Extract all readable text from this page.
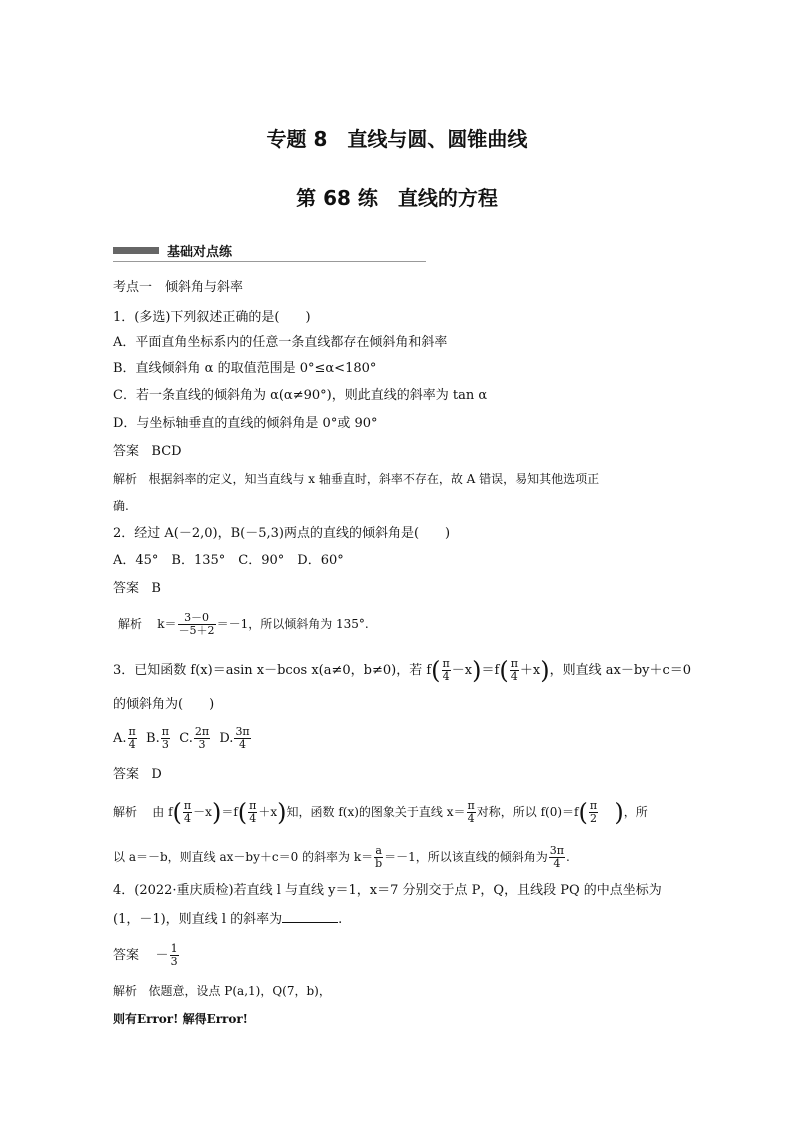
专题 8　直线与圆、圆锥曲线
第 68 练　直线的方程
基础对点练
考点一　倾斜角与斜率
1．(多选)下列叙述正确的是(　　)
A．平面直角坐标系内的任意一条直线都存在倾斜角和斜率
B．直线倾斜角 α 的取值范围是 0°≤α<180°
C．若一条直线的倾斜角为 α(α≠90°)，则此直线的斜率为 tan α
D．与坐标轴垂直的直线的倾斜角是 0°或 90°
答案 BCD
解析 根据斜率的定义，知当直线与 x 轴垂直时，斜率不存在，故 A 错误，易知其他选项正
确.
2．经过 A(－2,0)，B(－5,3)两点的直线的倾斜角是(　　)
A．45°　B．135°　C．90°　D．60°
答案 B
解析 $k= \frac{3-0}{-5+2} =-1$，所以倾斜角为 135°.
3．已知函数 f(x)＝asin x－bcos x(a≠0，b≠0)，若 $f( \frac{\pi}{4} -x)=f( \frac{\pi}{4} +x)$，则直线 ax－by＋c＝0
的倾斜角为(　　)
A. $\frac{\pi}{4} B$. $\frac{\pi}{3} C$. $\frac{2\pi}{3} D$. $\frac{3\pi}{4}$
答案 D
解析 由 $f( \frac{\pi}{4} -x)=f( \frac{\pi}{4} +x)$知，函数 f(x)的图象关于直线 $x= \frac{\pi}{4}$ 对称，所以 $f(0)=f( \frac{\pi}{2}$ )，所
以 a＝－b，则直线 ax－by＋c＝0 的斜率为 $k= \frac{a}{b} =-1$，所以该直线的倾斜角为 $\frac{3\pi}{4}$ .
4．(2022·重庆质检)若直线 l 与直线 y＝1，x＝7 分别交于点 P，Q，且线段 PQ 的中点坐标为
(1，－1)，则直线 l 的斜率为	.
答案 － $\frac{1}{3}$
解析 依题意，设点 P(a,1)，Q(7，b)，
则有Error! 解得Error!
